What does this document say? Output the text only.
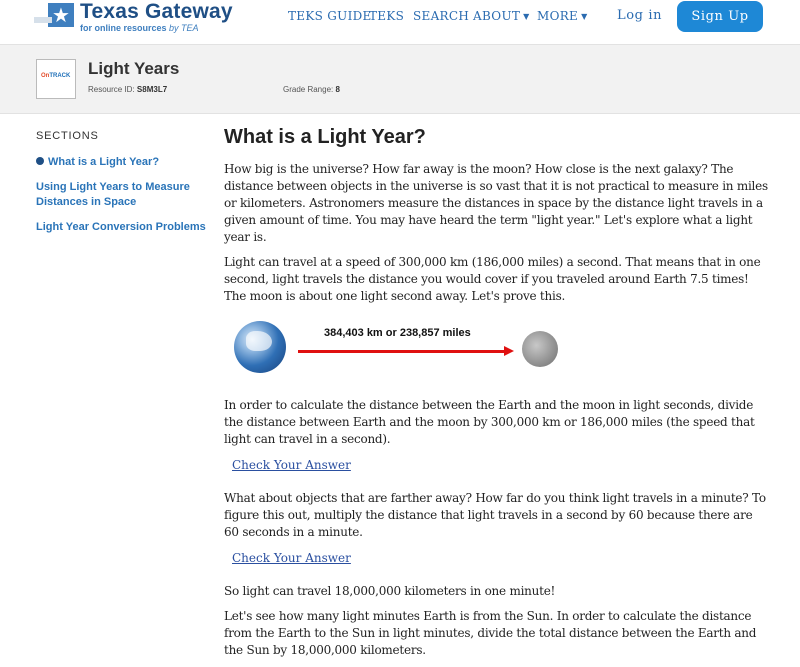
★ Texas Gateway
for online resources by TEA
TEKS GUIDE
TEKS SEARCH ABOUT ▼ MORE ▼ Log in	Sign Up
OnTRACK Light Years
Resource ID: S8M3L7	Grade Range: 8
SECTIONS
What is a Light Year?
Using Light Years to Measure Distances in Space
Light Year Conversion Problems
What is a Light Year?

How big is the universe? How far away is the moon? How close is the next galaxy? The distance between objects in the universe is so vast that it is not practical to measure in miles or kilometers. Astronomers measure the distances in space by the distance light travels in a given amount of time. You may have heard the term "light year." Let's explore what a light year is.

Light can travel at a speed of 300,000 km (186,000 miles) a second. That means that in one second, light travels the distance you would cover if you traveled around Earth 7.5 times! The moon is about one light second away. Let's prove this.

384,403 km or 238,857 miles

In order to calculate the distance between the Earth and the moon in light seconds, divide the distance between Earth and the moon by 300,000 km or 186,000 miles (the speed that light can travel in a second).

Check Your Answer

What about objects that are farther away? How far do you think light travels in a minute? To figure this out, multiply the distance that light travels in a second by 60 because there are 60 seconds in a minute.

Check Your Answer

So light can travel 18,000,000 kilometers in one minute!

Let's see how many light minutes Earth is from the Sun. In order to calculate the distance from the Earth to the Sun in light minutes, divide the total distance between the Earth and the Sun by 18,000,000 kilometers.
